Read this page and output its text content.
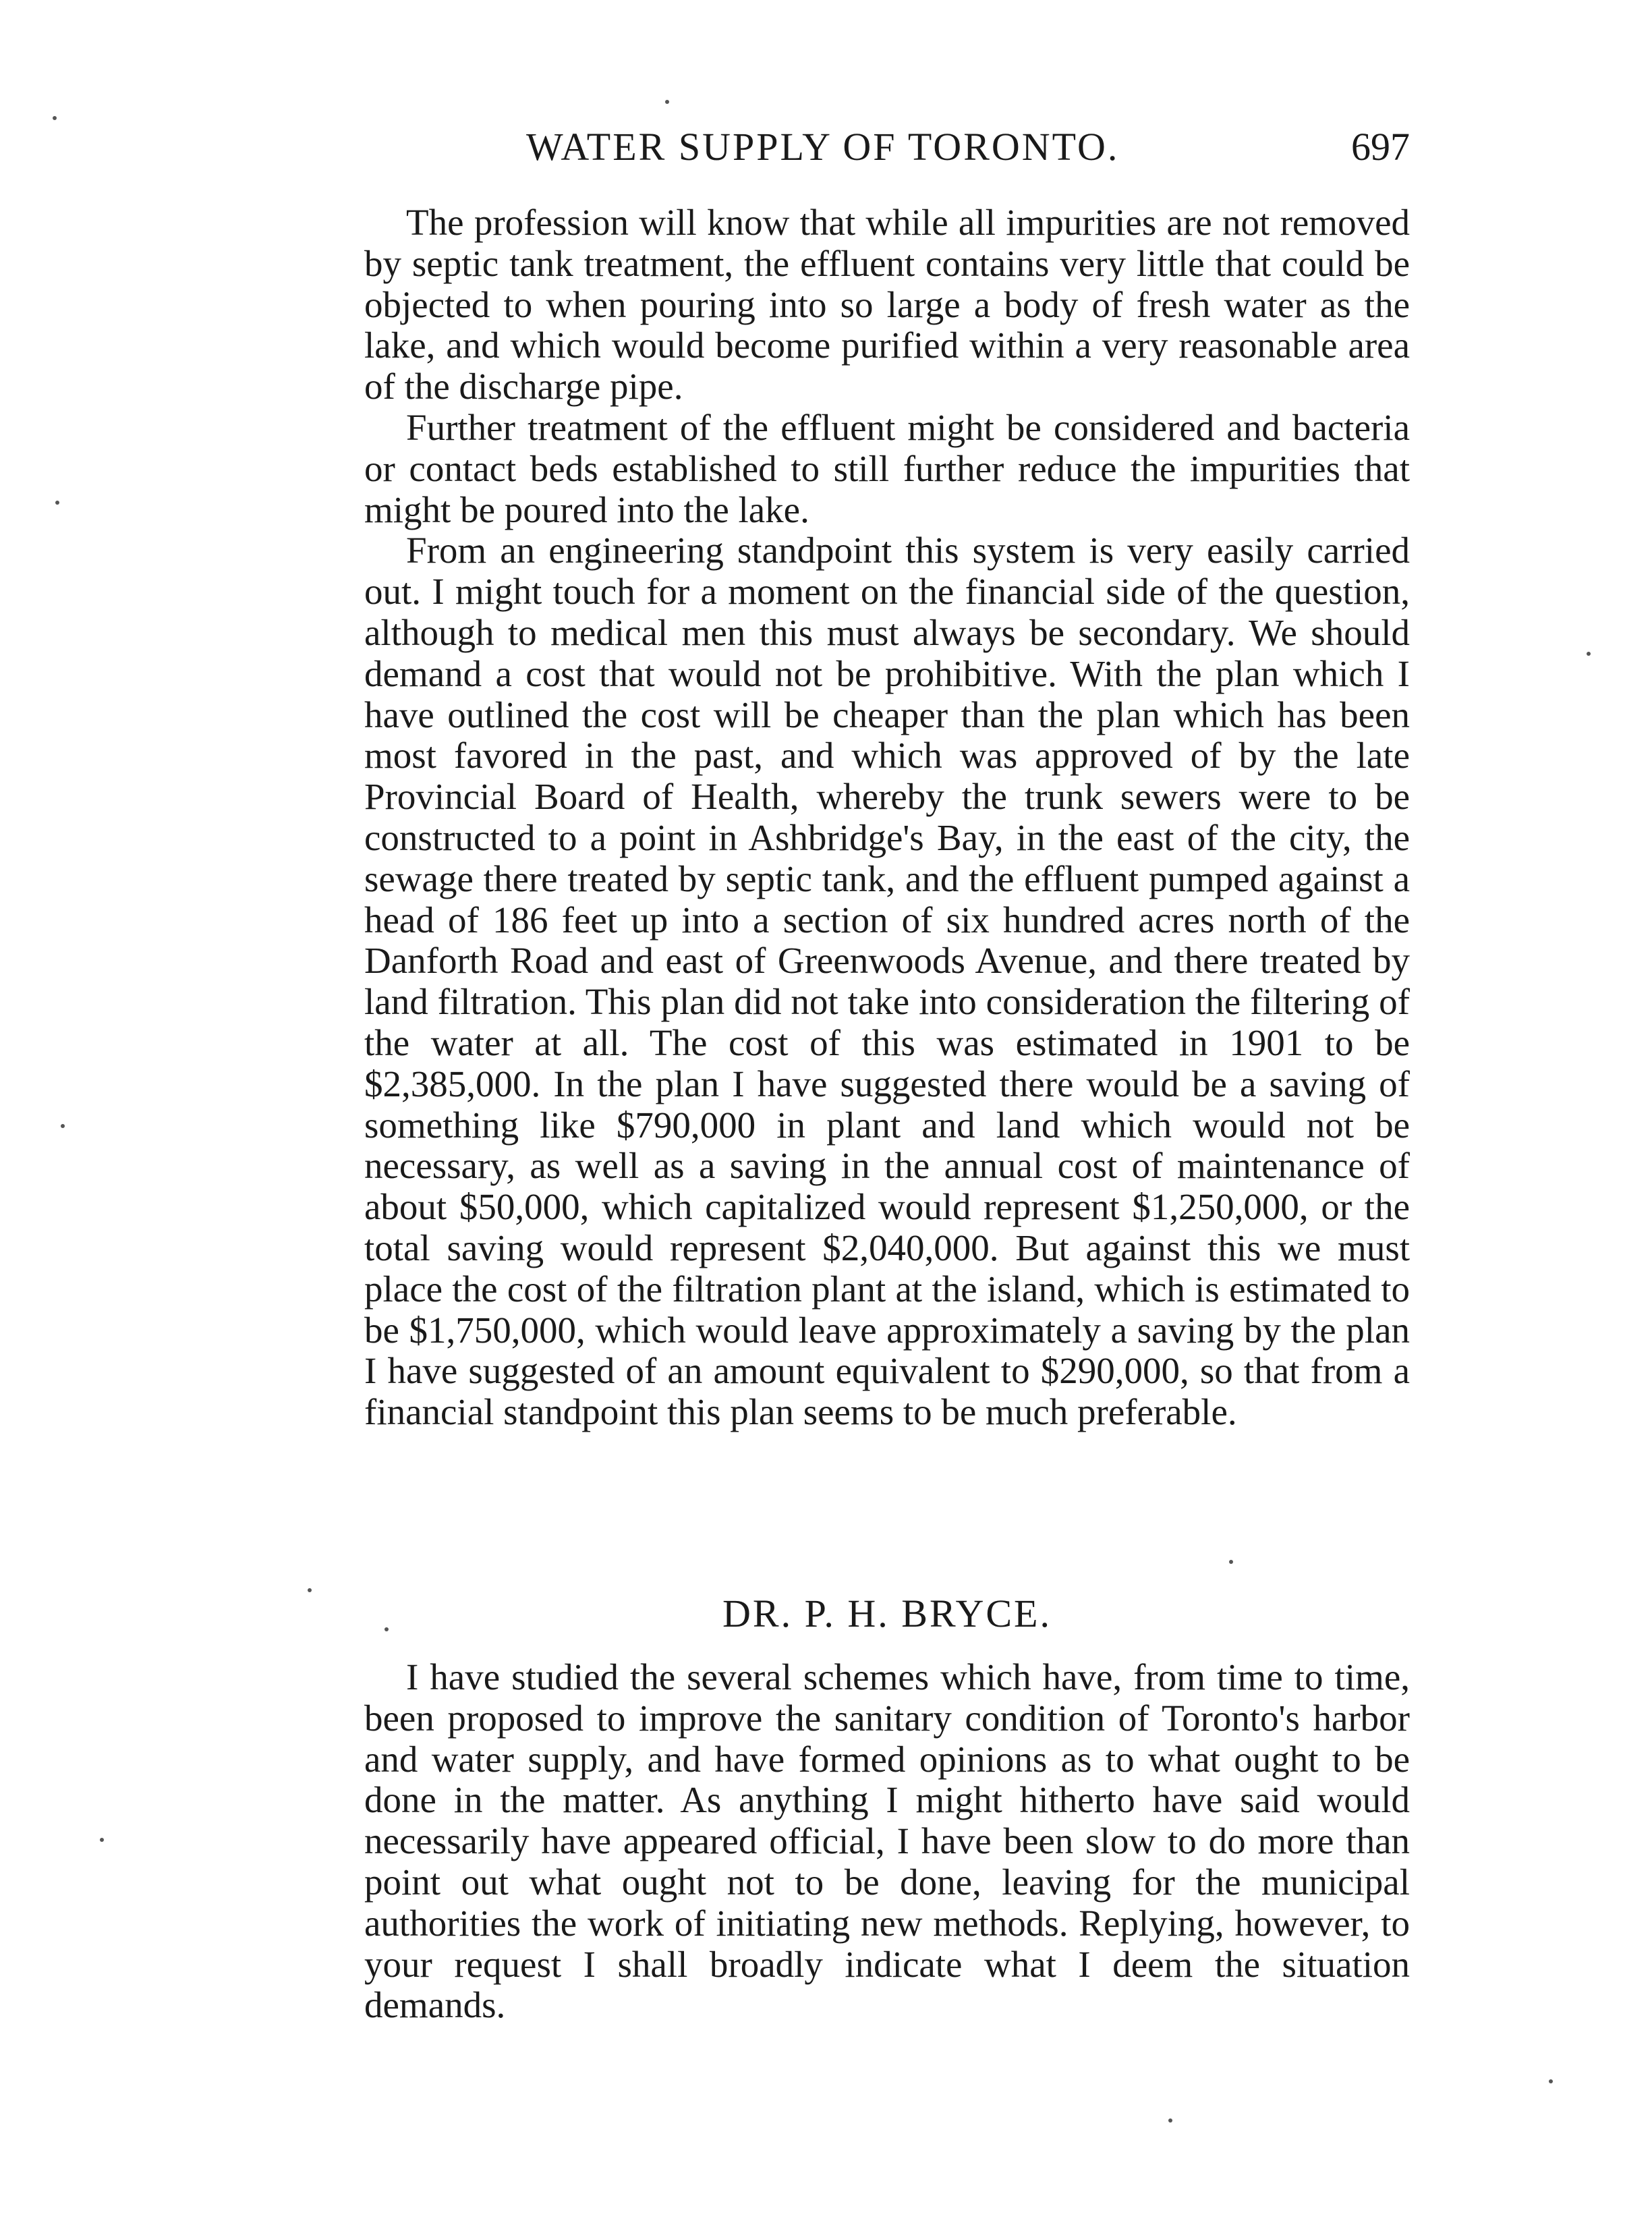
WATER SUPPLY OF TORONTO.	697

The profession will know that while all impurities are not removed by septic tank treatment, the effluent contains very little that could be objected to when pouring into so large a body of fresh water as the lake, and which would become purified within a very reasonable area of the discharge pipe.

Further treatment of the effluent might be considered and bacteria or contact beds established to still further reduce the impurities that might be poured into the lake.

From an engineering standpoint this system is very easily carried out. I might touch for a moment on the financial side of the question, although to medical men this must always be secondary. We should demand a cost that would not be prohibitive. With the plan which I have outlined the cost will be cheaper than the plan which has been most favored in the past, and which was approved of by the late Provincial Board of Health, whereby the trunk sewers were to be constructed to a point in Ashbridge's Bay, in the east of the city, the sewage there treated by septic tank, and the effluent pumped against a head of 186 feet up into a section of six hundred acres north of the Danforth Road and east of Greenwoods Avenue, and there treated by land filtration. This plan did not take into consideration the filtering of the water at all. The cost of this was estimated in 1901 to be $2,385,000. In the plan I have suggested there would be a saving of something like $790,000 in plant and land which would not be necessary, as well as a saving in the annual cost of maintenance of about $50,000, which capitalized would represent $1,250,000, or the total saving would represent $2,040,000. But against this we must place the cost of the filtration plant at the island, which is estimated to be $1,750,000, which would leave approximately a saving by the plan I have suggested of an amount equivalent to $290,000, so that from a financial standpoint this plan seems to be much preferable.

DR. P. H. BRYCE.

I have studied the several schemes which have, from time to time, been proposed to improve the sanitary condition of Toronto's harbor and water supply, and have formed opinions as to what ought to be done in the matter. As anything I might hitherto have said would necessarily have appeared official, I have been slow to do more than point out what ought not to be done, leaving for the municipal authorities the work of initiating new methods. Replying, however, to your request I shall broadly indicate what I deem the situation demands.
